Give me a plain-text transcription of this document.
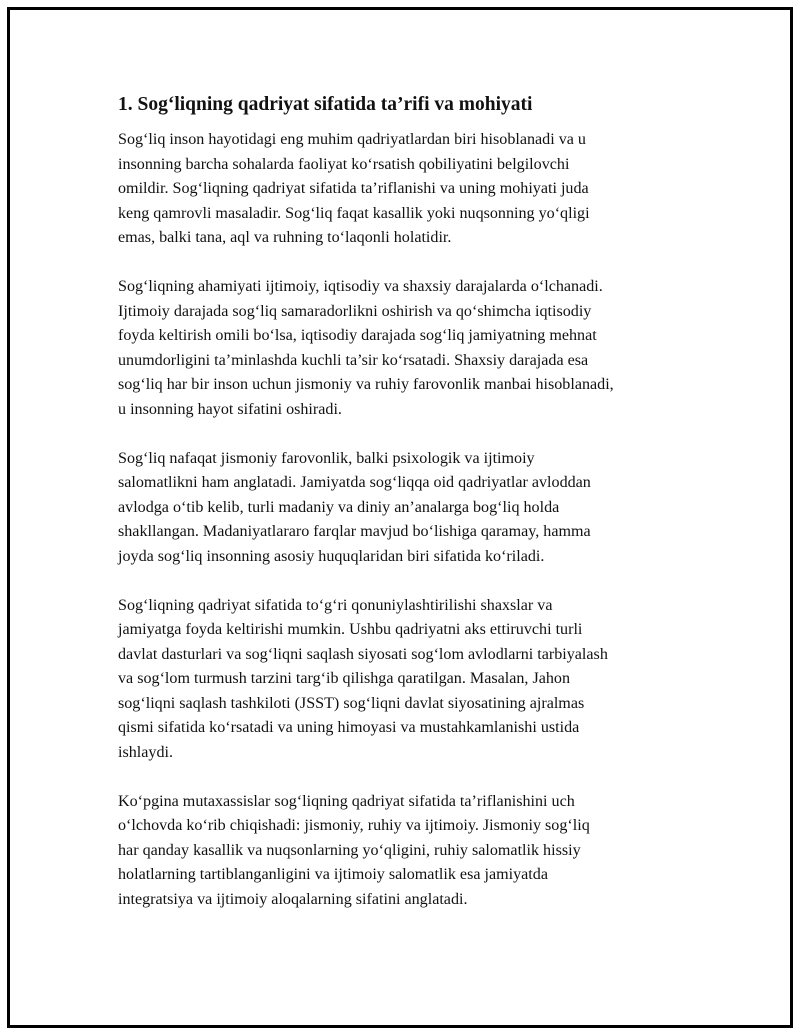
1. Sog‘liqning qadriyat sifatida ta’rifi va mohiyati
Sog‘liq inson hayotidagi eng muhim qadriyatlardan biri hisoblanadi va u
insonning barcha sohalarda faoliyat ko‘rsatish qobiliyatini belgilovchi
omildir. Sog‘liqning qadriyat sifatida ta’riflanishi va uning mohiyati juda
keng qamrovli masaladir. Sog‘liq faqat kasallik yoki nuqsonning yo‘qligi
emas, balki tana, aql va ruhning to‘laqonli holatidir.
Sog‘liqning ahamiyati ijtimoiy, iqtisodiy va shaxsiy darajalarda o‘lchanadi.
Ijtimoiy darajada sog‘liq samaradorlikni oshirish va qo‘shimcha iqtisodiy
foyda keltirish omili bo‘lsa, iqtisodiy darajada sog‘liq jamiyatning mehnat
unumdorligini ta’minlashda kuchli ta’sir ko‘rsatadi. Shaxsiy darajada esa
sog‘liq har bir inson uchun jismoniy va ruhiy farovonlik manbai hisoblanadi,
u insonning hayot sifatini oshiradi.
Sog‘liq nafaqat jismoniy farovonlik, balki psixologik va ijtimoiy
salomatlikni ham anglatadi. Jamiyatda sog‘liqqa oid qadriyatlar avloddan
avlodga o‘tib kelib, turli madaniy va diniy an’analarga bog‘liq holda
shakllangan. Madaniyatlararo farqlar mavjud bo‘lishiga qaramay, hamma
joyda sog‘liq insonning asosiy huquqlaridan biri sifatida ko‘riladi.
Sog‘liqning qadriyat sifatida to‘g‘ri qonuniylashtirilishi shaxslar va
jamiyatga foyda keltirishi mumkin. Ushbu qadriyatni aks ettiruvchi turli
davlat dasturlari va sog‘liqni saqlash siyosati sog‘lom avlodlarni tarbiyalash
va sog‘lom turmush tarzini targ‘ib qilishga qaratilgan. Masalan, Jahon
sog‘liqni saqlash tashkiloti (JSST) sog‘liqni davlat siyosatining ajralmas
qismi sifatida ko‘rsatadi va uning himoyasi va mustahkamlanishi ustida
ishlaydi.
Ko‘pgina mutaxassislar sog‘liqning qadriyat sifatida ta’riflanishini uch
o‘lchovda ko‘rib chiqishadi: jismoniy, ruhiy va ijtimoiy. Jismoniy sog‘liq
har qanday kasallik va nuqsonlarning yo‘qligini, ruhiy salomatlik hissiy
holatlarning tartiblanganligini va ijtimoiy salomatlik esa jamiyatda
integratsiya va ijtimoiy aloqalarning sifatini anglatadi.
